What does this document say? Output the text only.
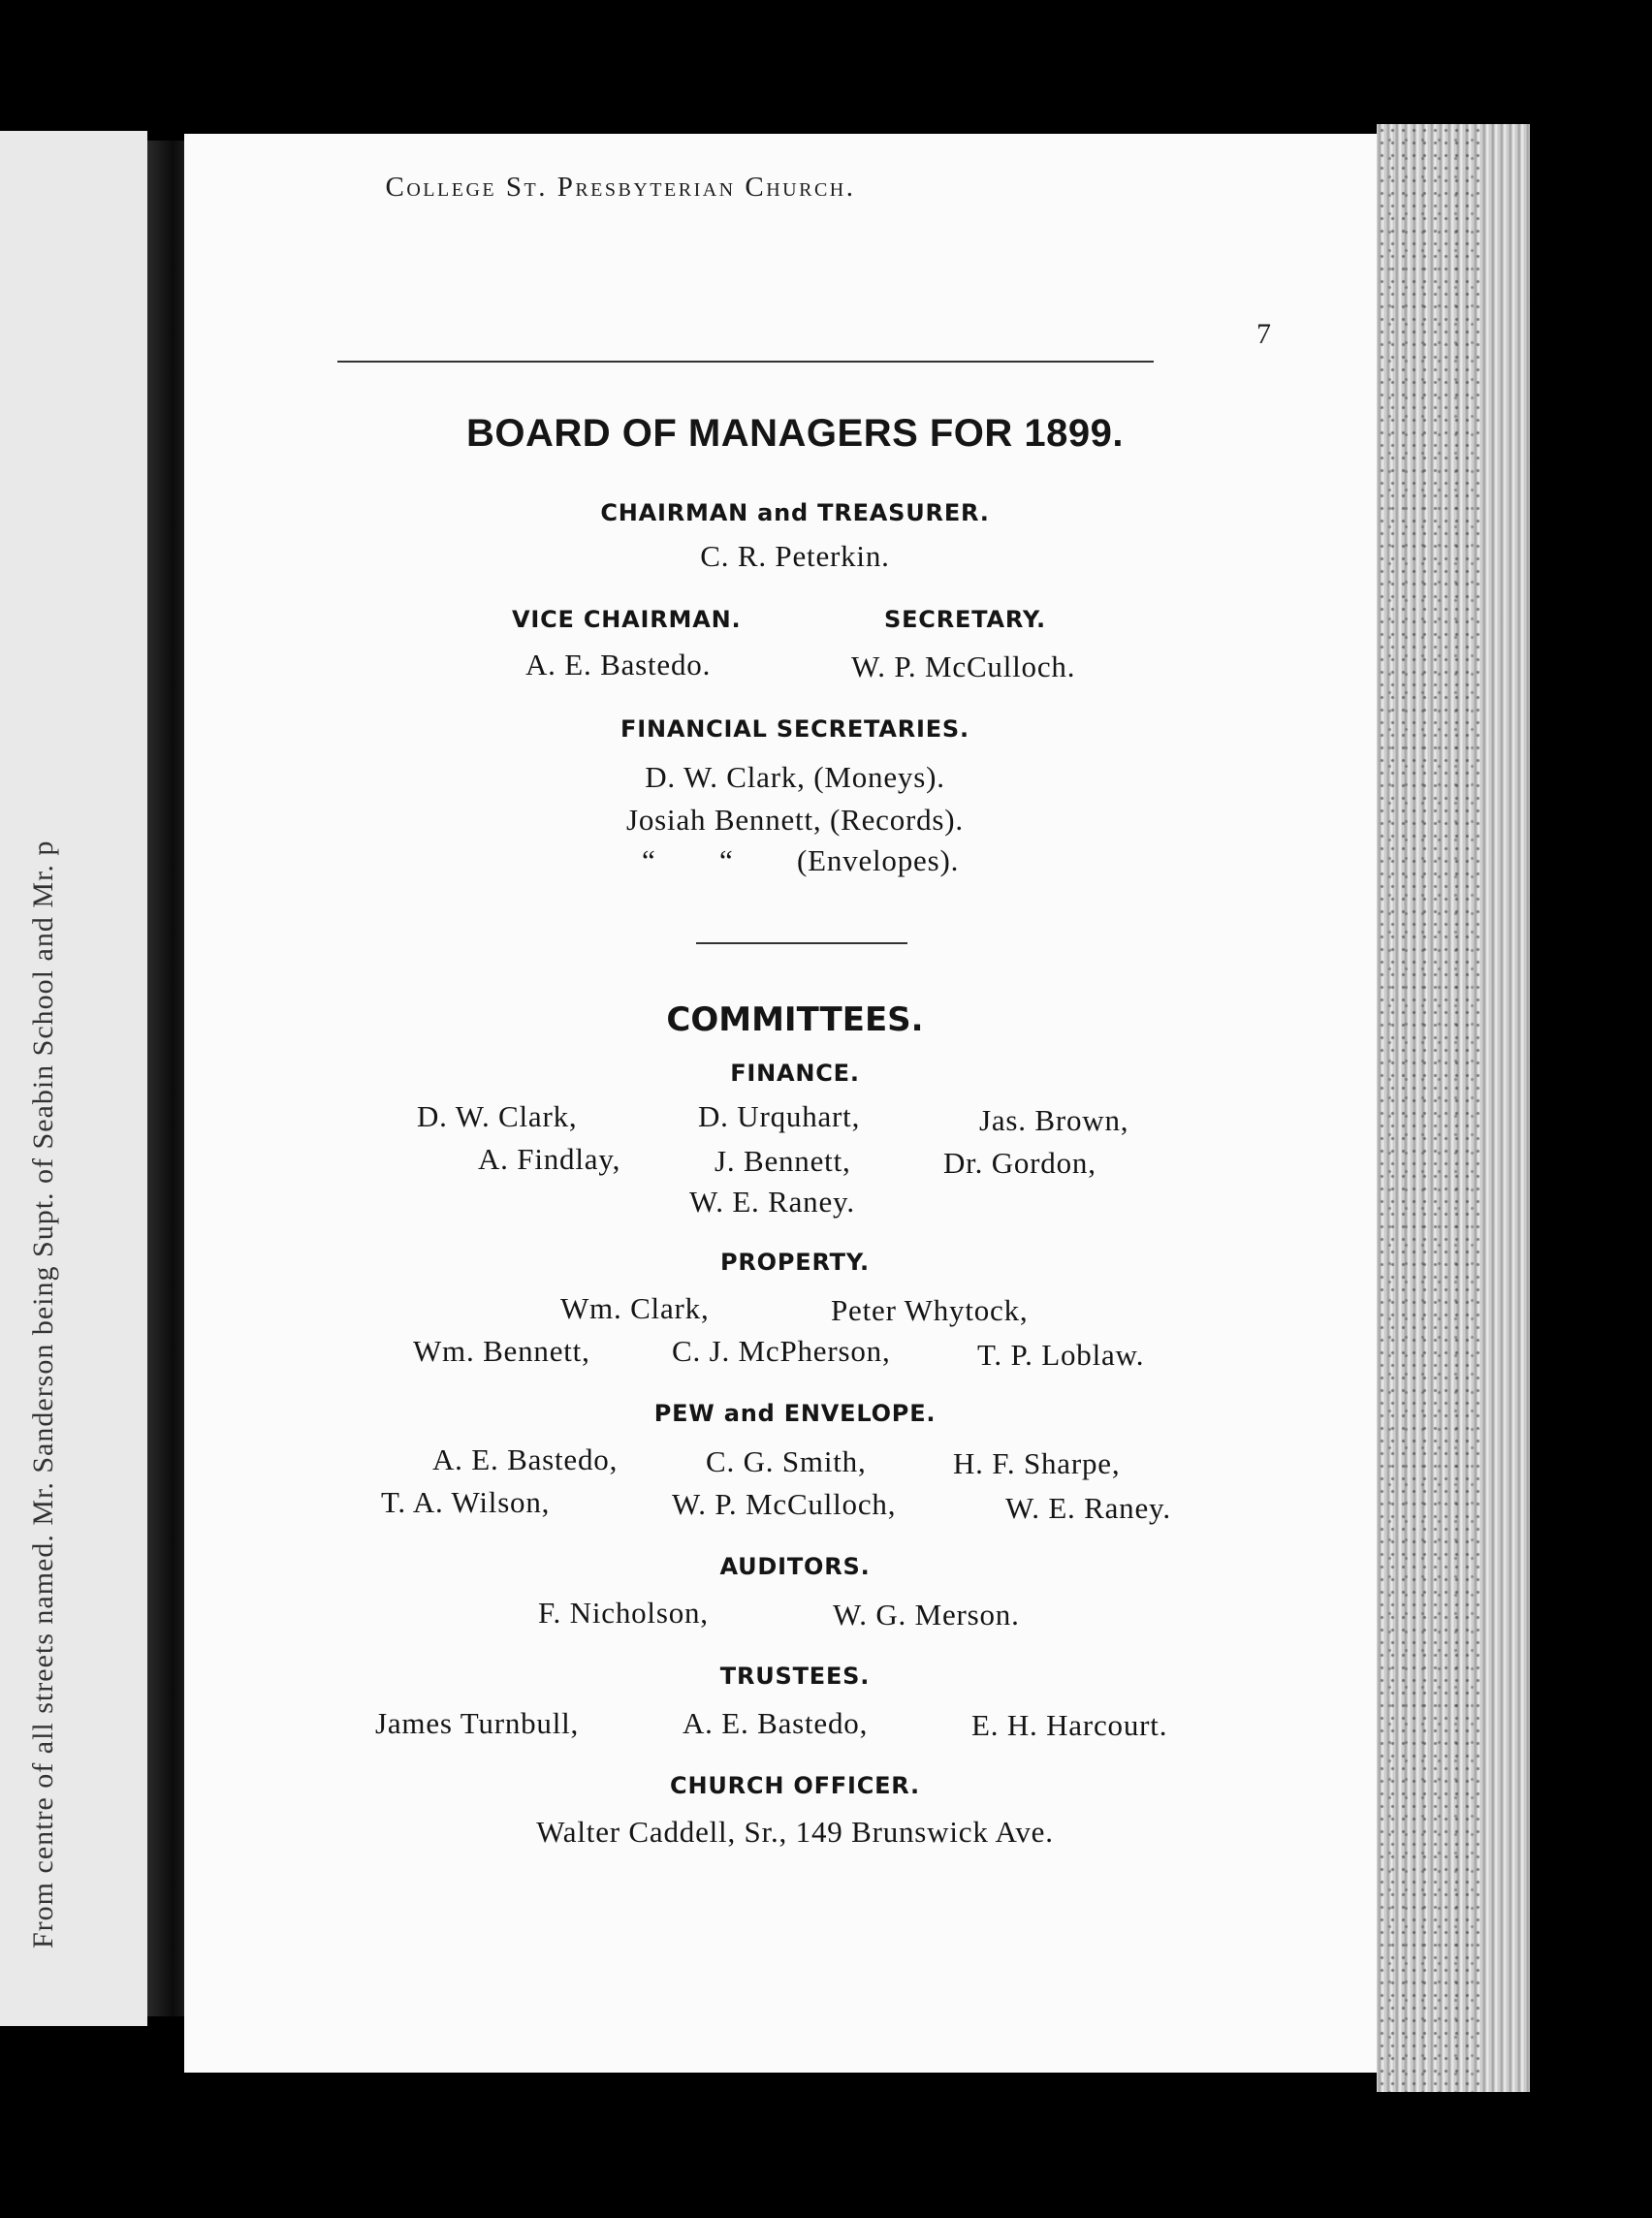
From centre of all streets named. Mr. Sanderson being Supt. of Seabin School and Mr. p
College St. Presbyterian Church.
7
BOARD OF MANAGERS FOR 1899.
CHAIRMAN and TREASURER.
C. R. Peterkin.
VICE CHAIRMAN.	SECRETARY.
A. E. Bastedo.	W. P. McCulloch.
FINANCIAL SECRETARIES.
D. W. Clark, (Moneys).
Josiah Bennett, (Records).
“ “ (Envelopes).
COMMITTEES.
FINANCE.
D. W. Clark,	D. Urquhart,	Jas. Brown,
A. Findlay,	J. Bennett,	Dr. Gordon,
W. E. Raney.
PROPERTY.
Wm. Clark,	Peter Whytock,
Wm. Bennett,	C. J. McPherson,	T. P. Loblaw.
PEW and ENVELOPE.
A. E. Bastedo,	C. G. Smith,	H. F. Sharpe,
T. A. Wilson,	W. P. McCulloch,	W. E. Raney.
AUDITORS.
F. Nicholson,	W. G. Merson.
TRUSTEES.
James Turnbull,	A. E. Bastedo,	E. H. Harcourt.
CHURCH OFFICER.
Walter Caddell, Sr., 149 Brunswick Ave.
